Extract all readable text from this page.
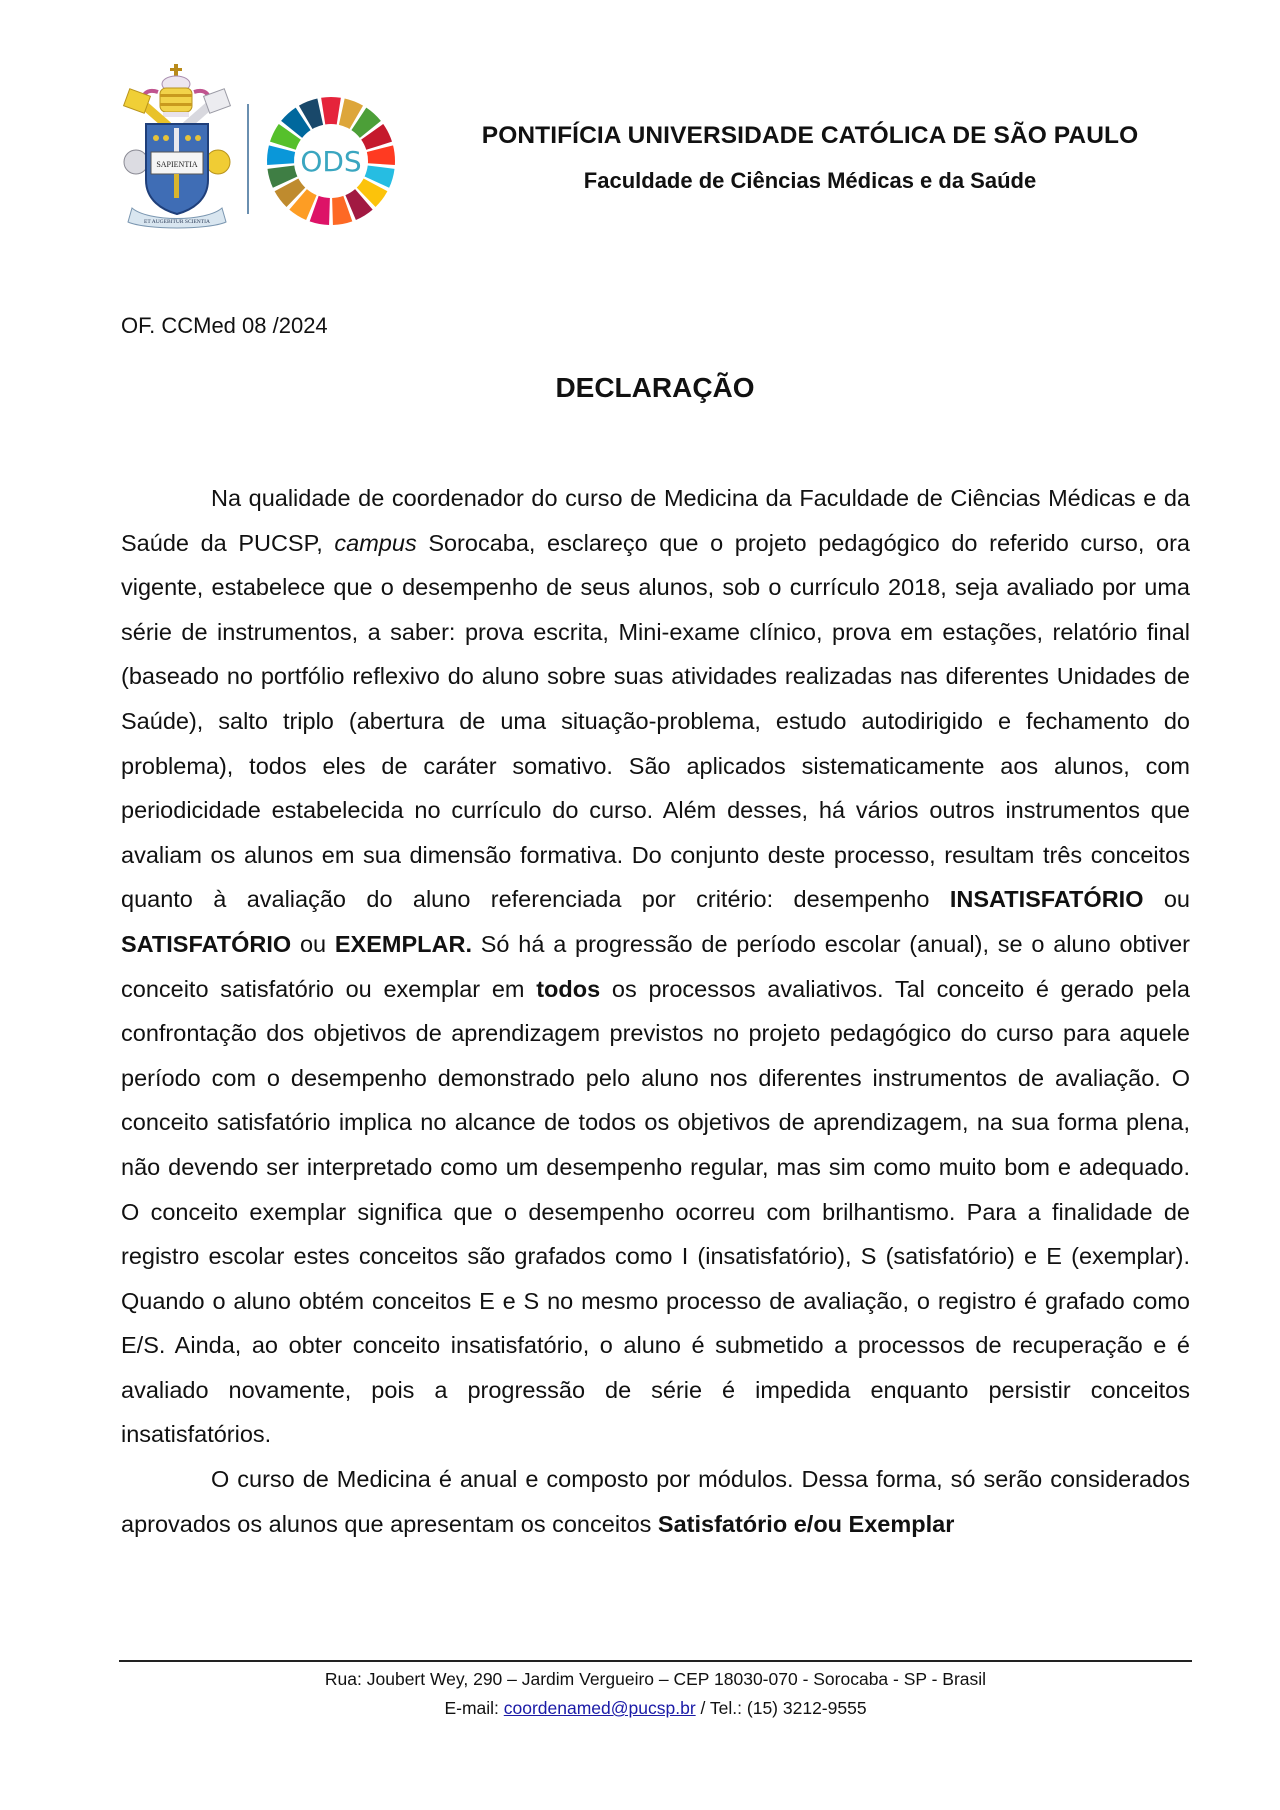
SAPIENTIA
ET AUGEBITUR SCIENTIA
ODS
PONTIFÍCIA UNIVERSIDADE CATÓLICA DE SÃO PAULO
Faculdade de Ciências Médicas e da Saúde
OF. CCMed 08 /2024
DECLARAÇÃO

Na qualidade de coordenador do curso de Medicina da Faculdade de Ciências Médicas e da Saúde da PUCSP, campus Sorocaba, esclareço que o projeto pedagógico do referido curso, ora vigente, estabelece que o desempenho de seus alunos, sob o currículo 2018, seja avaliado por uma série de instrumentos, a saber: prova escrita, Mini-exame clínico, prova em estações, relatório final (baseado no portfólio reflexivo do aluno sobre suas atividades realizadas nas diferentes Unidades de Saúde), salto triplo (abertura de uma situação-problema, estudo autodirigido e fechamento do problema), todos eles de caráter somativo. São aplicados sistematicamente aos alunos, com periodicidade estabelecida no currículo do curso. Além desses, há vários outros instrumentos que avaliam os alunos em sua dimensão formativa. Do conjunto deste processo, resultam três conceitos quanto à avaliação do aluno referenciada por critério: desempenho INSATISFATÓRIO ou SATISFATÓRIO ou EXEMPLAR. Só há a progressão de período escolar (anual), se o aluno obtiver conceito satisfatório ou exemplar em todos os processos avaliativos. Tal conceito é gerado pela confrontação dos objetivos de aprendizagem previstos no projeto pedagógico do curso para aquele período com o desempenho demonstrado pelo aluno nos diferentes instrumentos de avaliação. O conceito satisfatório implica no alcance de todos os objetivos de aprendizagem, na sua forma plena, não devendo ser interpretado como um desempenho regular, mas sim como muito bom e adequado. O conceito exemplar significa que o desempenho ocorreu com brilhantismo. Para a finalidade de registro escolar estes conceitos são grafados como I (insatisfatório), S (satisfatório) e E (exemplar). Quando o aluno obtém conceitos E e S no mesmo processo de avaliação, o registro é grafado como E/S. Ainda, ao obter conceito insatisfatório, o aluno é submetido a processos de recuperação e é avaliado novamente, pois a progressão de série é impedida enquanto persistir conceitos insatisfatórios.

O curso de Medicina é anual e composto por módulos. Dessa forma, só serão considerados aprovados os alunos que apresentam os conceitos Satisfatório e/ou Exemplar

Rua: Joubert Wey, 290 – Jardim Vergueiro – CEP 18030-070 - Sorocaba - SP - Brasil
E-mail: coordenamed@pucsp.br / Tel.: (15) 3212-9555
